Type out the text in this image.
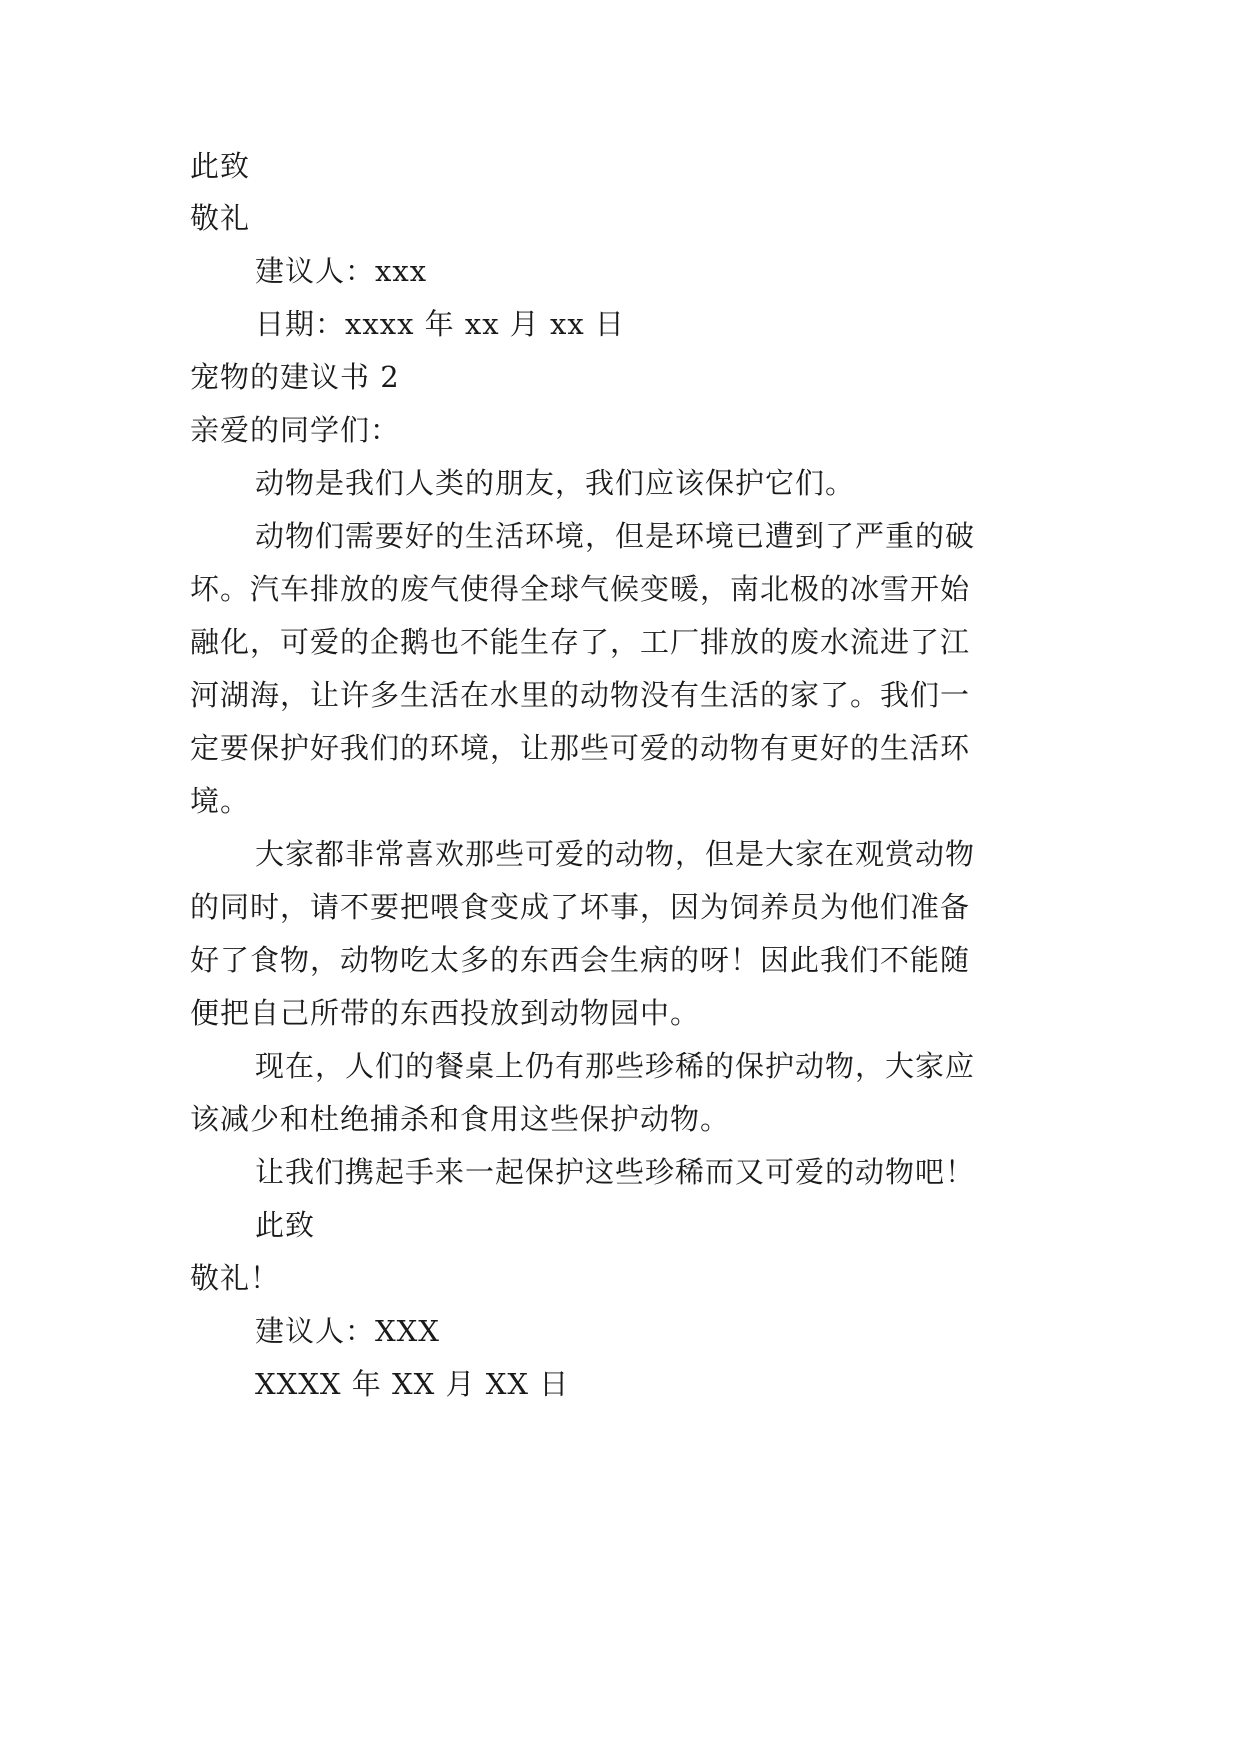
此致
敬礼
建议人：xxx
日期：xxxx 年 xx 月 xx 日
宠物的建议书 2
亲爱的同学们：
动物是我们人类的朋友，我们应该保护它们。
动物们需要好的生活环境，但是环境已遭到了严重的破
坏。汽车排放的废气使得全球气候变暖，南北极的冰雪开始
融化，可爱的企鹅也不能生存了，工厂排放的废水流进了江
河湖海，让许多生活在水里的动物没有生活的家了。我们一
定要保护好我们的环境，让那些可爱的动物有更好的生活环
境。
大家都非常喜欢那些可爱的动物，但是大家在观赏动物
的同时，请不要把喂食变成了坏事，因为饲养员为他们准备
好了食物，动物吃太多的东西会生病的呀！因此我们不能随
便把自己所带的东西投放到动物园中。
现在，人们的餐桌上仍有那些珍稀的保护动物，大家应
该减少和杜绝捕杀和食用这些保护动物。
让我们携起手来一起保护这些珍稀而又可爱的动物吧！
此致
敬礼！
建议人：XXX
XXXX 年 XX 月 XX 日
